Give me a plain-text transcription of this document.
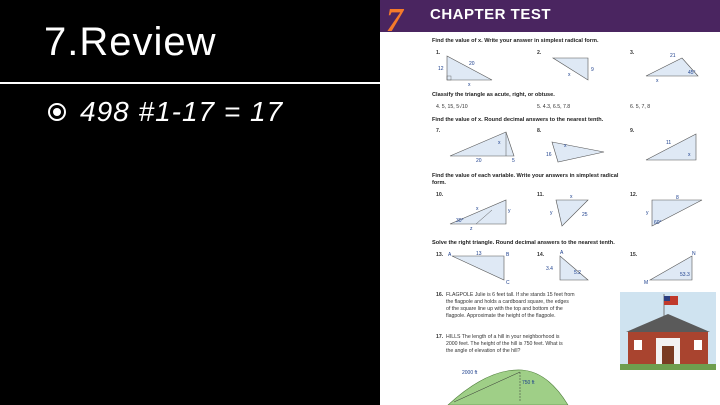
7.Review
498 #1-17 = 17
7 CHAPTER TEST
Find the value of x. Write your answer in simplest radical form.
1.	2.	3.
20
12
x
x
9
21
x
45°
Classify the triangle as acute, right, or obtuse.
4. 5, 15, 5√10	5. 4.3, 6.5, 7.8	6. 5, 7, 8
Find the value of x. Round decimal answers to the nearest tenth.
7.	8.	9.
x
20	5
x
16
11
x
Find the value of each variable. Write your answers in simplest radical
form.
10.	11.	12.
x	y
30°
z
x
25
y
8
y
60°
Solve the right triangle. Round decimal answers to the nearest tenth.
13.	14.	15.
A	13	B
C
A
3.4
5.2
N
53.3
M
16. FLAGPOLE Julie is 6 feet tall. If she stands 15 feet from
the flagpole and holds a cardboard square, the edges
of the square line up with the top and bottom of the
flagpole. Approximate the height of the flagpole.
17. HILLS The length of a hill in your neighborhood is
2000 feet. The height of the hill is 750 feet. What is
the angle of elevation of the hill?
2000 ft
750 ft
